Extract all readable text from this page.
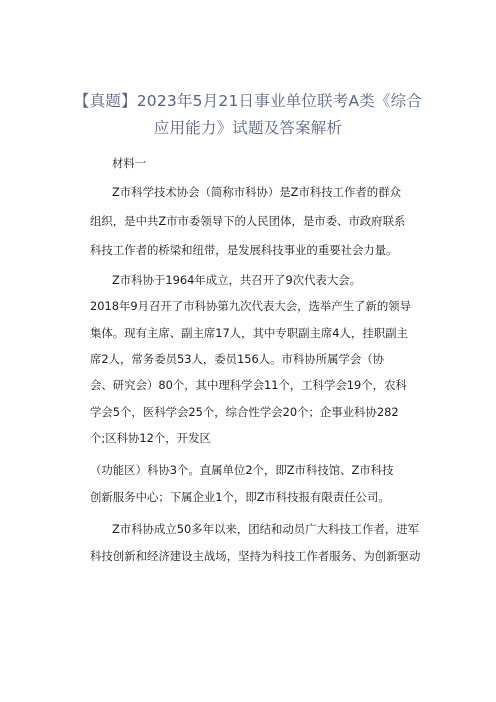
【真题】2023年5月21日事业单位联考A类《综合
应用能力》试题及答案解析
材料一
Z市科学技术协会（简称市科协）是Z市科技工作者的群众
组织，是中共Z市市委领导下的人民团体，是市委、市政府联系
科技工作者的桥梁和纽带，是发展科技事业的重要社会力量。
Z市科协于1964年成立，共召开了9次代表大会。
2018年9月召开了市科协第九次代表大会，选举产生了新的领导
集体。现有主席、副主席17人，其中专职副主席4人，挂职副主
席2人，常务委员53人，委员156人。市科协所属学会（协
会、研究会）80个，其中理科学会11个，工科学会19个，农科
学会5个，医科学会25个，综合性学会20个；企事业科协282
个;区科协12个，开发区
（功能区）科协3个。直属单位2个，即Z市科技馆、Z市科技
创新服务中心；下属企业1个，即Z市科技报有限责任公司。
Z市科协成立50多年以来，团结和动员广大科技工作者，进军
科技创新和经济建设主战场，坚持为科技工作者服务、为创新驱动
